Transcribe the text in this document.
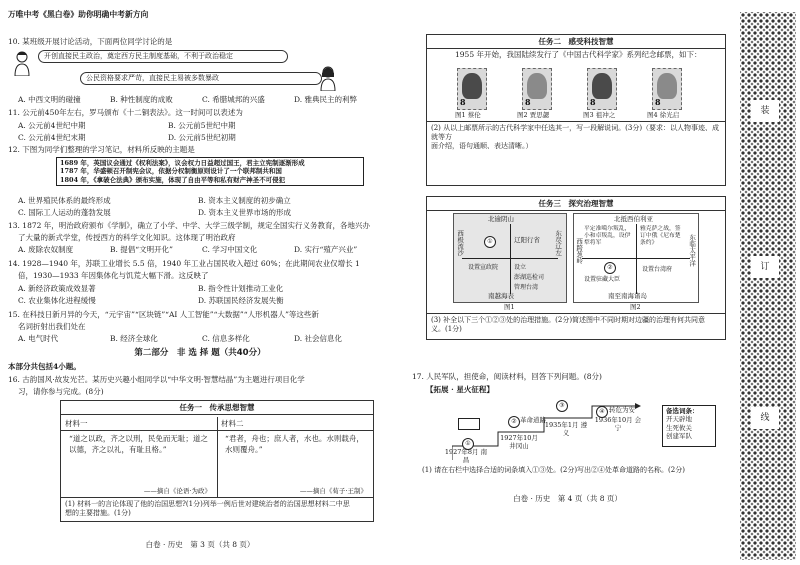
万唯中考《黑白卷》助你明确中考新方向
10. 某班级开展讨论活动，下面两位同学讨论的是
开创直接民主政治，奠定西方民主制度基础，不利于政治稳定
公民资格要求严苛，直接民主易被多数暴政
A. 中西文明的碰撞	B. 种性制度的成败	C. 希腊城邦的兴盛	D. 雅典民主的利弊
11. 公元前450年左右，罗马颁布《十二铜表法》。这一时间可以表述为
A. 公元前4世纪中期	B. 公元前5世纪中期
C. 公元前4世纪末期	D. 公元前5世纪初期
12. 下图为同学们整理的学习笔记，材料所反映的主题是
1689 年，英国议会通过《权利法案》，议会权力日益超过国王，君主立宪制逐渐形成
1787 年，华盛顿召开制宪会议，依据分权制衡原则设计了一个联邦制共和国
1804 年，《拿破仑法典》颁布实施，体现了自由平等和私有财产神圣不可侵犯
A. 世界殖民体系的最终形成	B. 资本主义制度的初步确立
C. 国际工人运动的蓬勃发展	D. 资本主义世界市场的形成
13. 1872 年，明治政府颁布《学制》，确立了小学、中学、大学三级学制，规定全国实行义务教育，各地兴办
了大量的新式学堂，传授西方的科学文化知识。这体现了明治政府
A. 废除农奴制度	B. 提倡“文明开化”	C. 学习中国文化	D. 实行“殖产兴业”
14. 1928—1940 年，苏联工业增长 5.5 倍，1940 年工业占国民收入超过 60%；在此期间农业仅增长 1
倍，1930—1933 年因集体化与饥荒大幅下滑。这反映了
A. 新经济政策成效显著	B. 指令性计划推动工业化
C. 农业集体化进程缓慢	D. 苏联国民经济发展失衡
15. 在科技日新月异的今天，“元宇宙”“区块链”“AI 人工智能”“大数据”“人形机器人”等这些新
名词折射出我们处在
A. 电气时代	B. 经济全球化	C. 信息多样化	D. 社会信息化
第二部分　非 选 择 题（共40分）
本部分共包括4小题。
16. 古韵国风·故发光芒。某历史兴趣小组同学以“中华文明·智慧结晶”为主题进行项目化学
习，请你参与完成。(8分)
任务一　传承思想智慧
材料一
“道之以政，齐之以刑，民免而无耻；道之以德，齐之以礼，有耻且格。”
——摘自《论语·为政》
材料二
“君者，舟也；庶人者，水也。水则载舟，水则覆舟。”
——摘自《荀子·王制》
(1) 材料一的言论体现了他的治国思想?(1分)列举一例后世对建统治者的治国思想材料二中思
想的主要措施。(1分)
白卷 · 历史　第 3 页（共 8 页）
任务二　感受科技智慧
1955 年开始，我国陆续发行了《中国古代科学家》系列纪念邮票，如下：
8
图1 蔡伦
8
图2 贾思勰
8
图3 祖冲之
8
图4 徐光启
(2) 从以上邮票所示的古代科学家中任选其一，写一段解说词。(3分)（要求：以人物事迹、成就等方
面介绍，语句通顺、表达清晰。）
任务三　探究治理智慧
北逾阴山
辽阳行省 东尽辽左
西极流沙	①
设置宣政院	设立
澎湖巡检司
管理台湾
南越海表
图1
北抵西伯利亚
平定准噶尔叛乱，小和卓叛乱，设伊犁将军
雅克萨之战，签订中俄《尼布楚条约》	东临太平洋
西跨葱岭
②
设置驻藏大臣
设置台湾府
南至南海诸岛
图2
(3) 补全以下三个①②③处的治理措施。(2分)简述图中不同时期对边疆的治理有何共同意
义。(1分)
17. 人民军队，担使命，阅读材料，回答下列问题。(8分)
【拓展 · 星火征程】
①
1927年8月 南昌
② 革命道路
1927年10月 井冈山
③
1935年1月 遵义
④ 转危为安
1936年10月 会宁
备选词条：
开天辟地
生死攸关
创建军队
(1) 请在右栏中选择合适的词条填入①③处。(2分)写出②④处革命道路的名称。(2分)
白卷 · 历史　第 4 页（共 8 页）
装
订
线
